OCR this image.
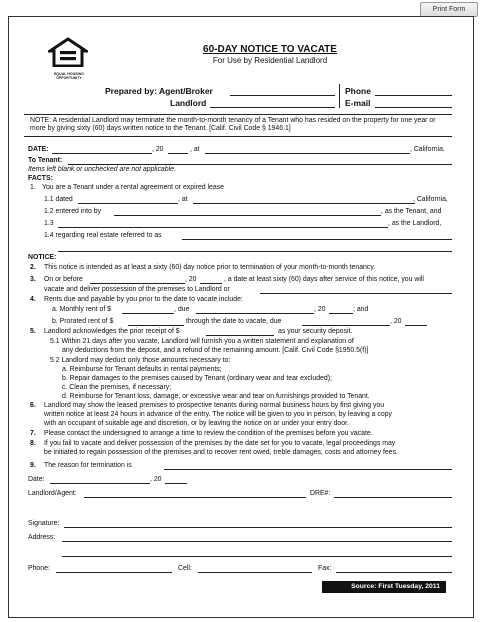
Print Form
EQUAL HOUSING
OPPORTUNITY
60-DAY NOTICE TO VACATE
For Use by Residential Landlord
Prepared by: Agent/Broker
Landlord
Phone
E-mail
NOTE: A residential Landlord may terminate the month-to-month tenancy of a Tenant who has resided on the property for one year or more by giving sixty (60) days written notice to the Tenant. [Calif. Civil Code § 1946.1]
DATE:	, 20	, at	, California.
To Tenant:
Items left blank or unchecked are not applicable.
FACTS:
1. You are a Tenant under a rental agreement or expired lease
1.1 dated	, at	, California,
1.2 entered into by	, as the Tenant, and
1.3	, as the Landlord,
1.4 regarding real estate referred to as
NOTICE:
2. This notice is intended as at least a sixty (60) day notice prior to termination of your month-to-month tenancy.
3. On or before	, 20	, a date at least sixty (60) days after service of this notice, you will
vacate and deliver possession of the premises to Landlord or
4. Rents due and payable by you prior to the date to vacate include:
a. Monthly rent of $	, due	, 20	; and
b. Prorated rent of $	through the date to vacate, due	, 20
5. Landlord acknowledges the prior receipt of $	as your security deposit.
5.1 Within 21 days after you vacate, Landlord will furnish you a written statement and explanation of
any deductions from the deposit, and a refund of the remaining amount. [Calif. Civil Code §1950.5(f)]
5.2 Landlord may deduct only those amounts necessary to:
a. Reimburse for Tenant defaults in rental payments;
b. Repair damages to the premises caused by Tenant (ordinary wear and tear excluded);
c. Clean the premises, if necessary;
d. Reimburse for Tenant loss, damage, or excessive wear and tear on furnishings provided to Tenant.
6. Landlord may show the leased premises to prospective tenants during normal business hours by first giving you
written notice at least 24 hours in advance of the entry. The notice will be given to you in person, by leaving a copy
with an occupant of suitable age and discretion, or by leaving the notice on or under your entry door.
7. Please contact the undersigned to arrange a time to review the condition of the premises before you vacate.
8. If you fail to vacate and deliver possession of the premises by the date set for you to vacate, legal proceedings may
be initiated to regain possession of the premises and to recover rent owed, treble damages, costs and attorney fees.
9. The reason for termination is
Date:	, 20
Landlord/Agent:	DRE#:
Signature:
Address:
Phone:	Cell:	Fax:
Source: First Tuesday, 2011
